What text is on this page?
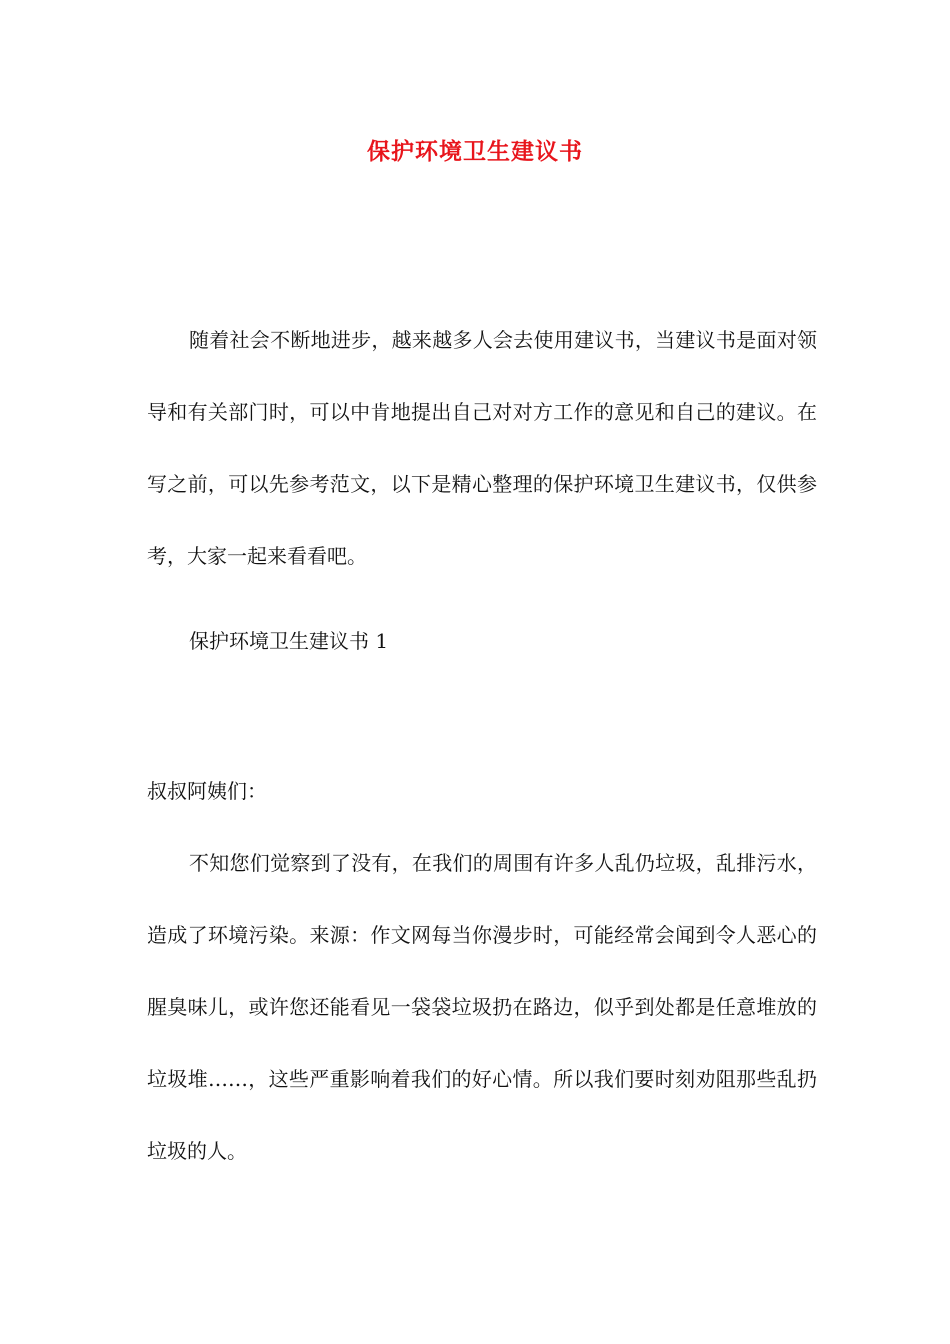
保护环境卫生建议书

随着社会不断地进步，越来越多人会去使用建议书，当建议书是面对领导和有关部门时，可以中肯地提出自己对对方工作的意见和自己的建议。在写之前，可以先参考范文，以下是精心整理的保护环境卫生建议书，仅供参考，大家一起来看看吧。

保护环境卫生建议书 1

叔叔阿姨们：

不知您们觉察到了没有，在我们的周围有许多人乱仍垃圾，乱排污水，造成了环境污染。来源：作文网每当你漫步时，可能经常会闻到令人恶心的腥臭味儿，或许您还能看见一袋袋垃圾扔在路边，似乎到处都是任意堆放的垃圾堆……，这些严重影响着我们的好心情。所以我们要时刻劝阻那些乱扔垃圾的人。
